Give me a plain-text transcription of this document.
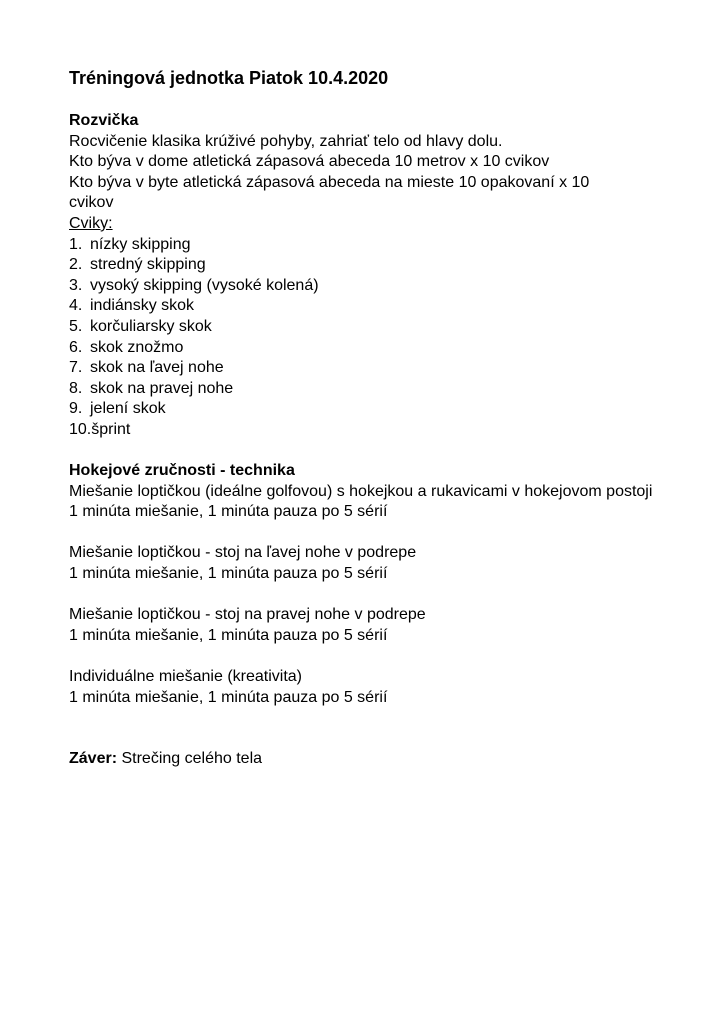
Tréningová jednotka Piatok 10.4.2020
Rozvička
Rocvičenie klasika krúživé pohyby, zahriať telo od hlavy dolu.
Kto býva v dome atletická zápasová abeceda 10 metrov x 10 cvikov
Kto býva v byte atletická zápasová abeceda na mieste 10 opakovaní x 10 cvikov
Cviky:
1. nízky skipping
2. stredný skipping
3. vysoký skipping (vysoké kolená)
4. indiánsky skok
5. korčuliarsky skok
6. skok znožmo
7. skok na ľavej nohe
8. skok na pravej nohe
9. jelení skok
10. šprint
Hokejové zručnosti - technika
Miešanie loptičkou (ideálne golfovou) s hokejkou a rukavicami v hokejovom postoji
1 minúta miešanie, 1 minúta pauza po 5 sérií
Miešanie loptičkou - stoj na ľavej nohe v podrepe
1 minúta miešanie, 1 minúta pauza po 5 sérií
Miešanie loptičkou - stoj na pravej nohe v podrepe
1 minúta miešanie, 1 minúta pauza po 5 sérií
Individuálne miešanie (kreativita)
1 minúta miešanie, 1 minúta pauza po 5 sérií
Záver: Strečing celého tela
